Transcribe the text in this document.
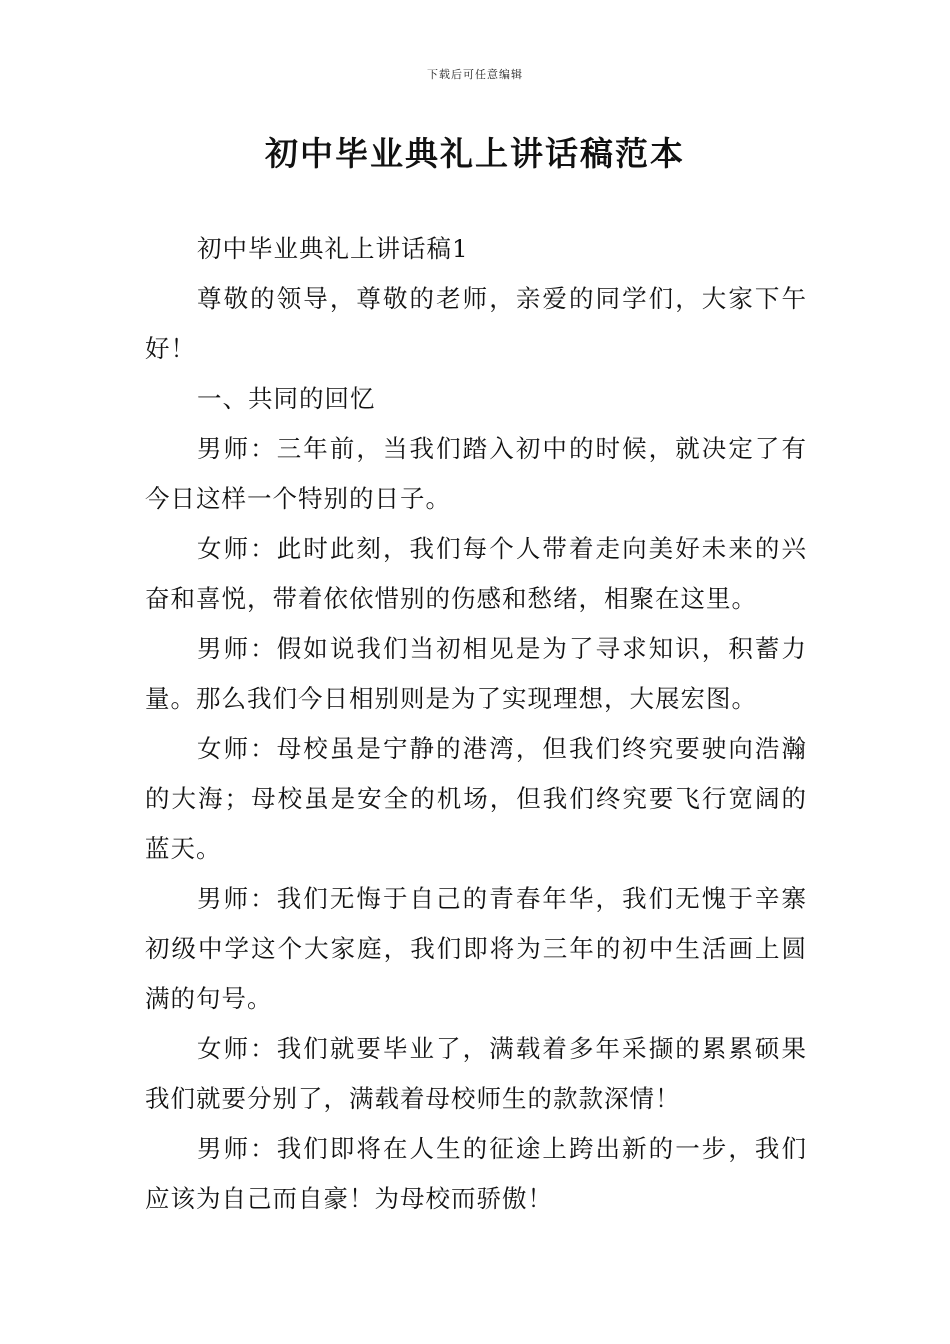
下载后可任意编辑
初中毕业典礼上讲话稿范本

初中毕业典礼上讲话稿1

尊敬的领导，尊敬的老师，亲爱的同学们，大家下午好！

一、共同的回忆

男师：三年前，当我们踏入初中的时候，就决定了有今日这样一个特别的日子。

女师：此时此刻，我们每个人带着走向美好未来的兴奋和喜悦，带着依依惜别的伤感和愁绪，相聚在这里。

男师：假如说我们当初相见是为了寻求知识，积蓄力量。那么我们今日相别则是为了实现理想，大展宏图。

女师：母校虽是宁静的港湾，但我们终究要驶向浩瀚的大海；母校虽是安全的机场，但我们终究要飞行宽阔的蓝天。

男师：我们无悔于自己的青春年华，我们无愧于辛寨初级中学这个大家庭，我们即将为三年的初中生活画上圆满的句号。

女师：我们就要毕业了，满载着多年采撷的累累硕果我们就要分别了，满载着母校师生的款款深情！

男师：我们即将在人生的征途上跨出新的一步，我们应该为自己而自豪！为母校而骄傲！
